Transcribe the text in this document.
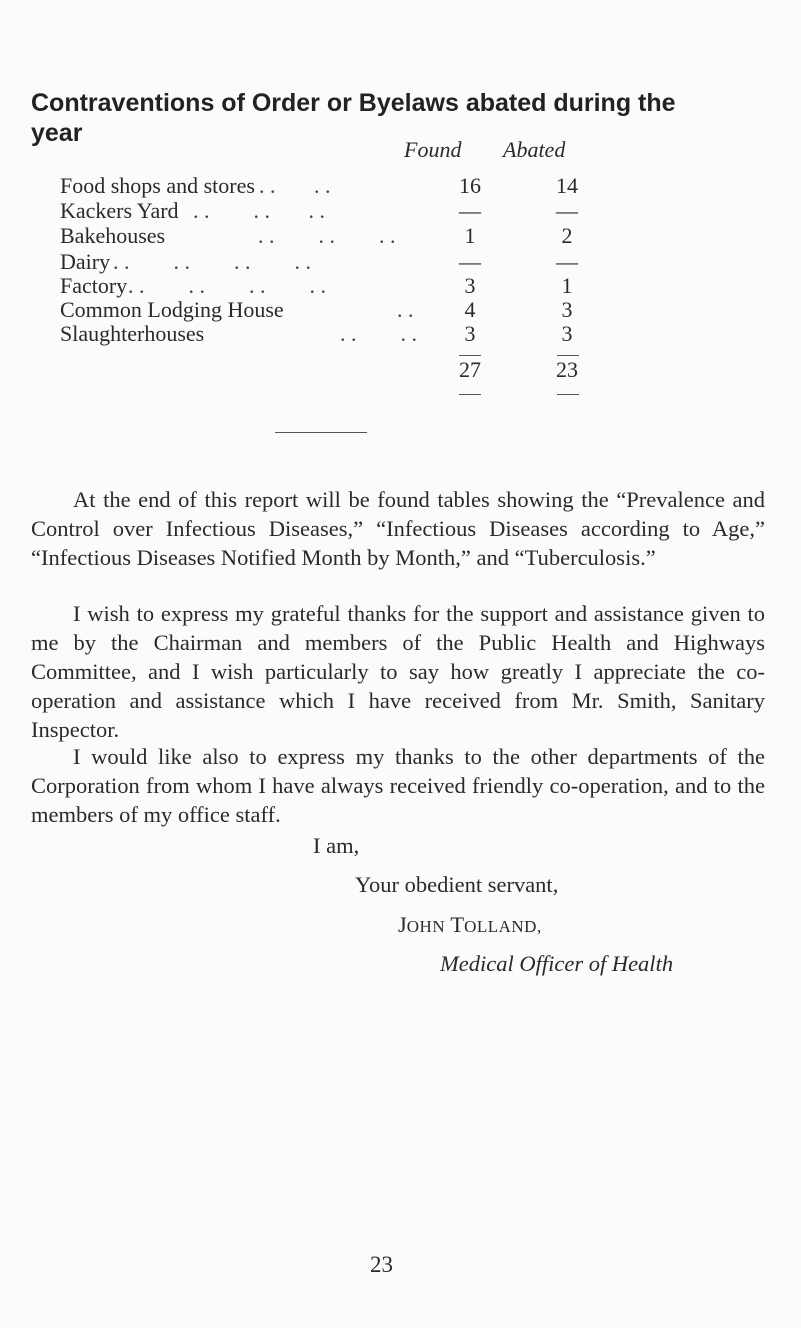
Contraventions of Order or Byelaws abated during the year
Found Abated
Food shops and stores . .       . .	16	14
Kackers Yard . .        . .       . .	—	—
Bakehouses	. .        . .        . .	1	2
Dairy . .        . .        . .        . .	—	—
Factory . .        . .        . .        . .	3	1
Common Lodging House	. .	4	3
Slaughterhouses	. .        . .	3	3
27	23

At the end of this report will be found tables showing the “Prevalence and Control over Infectious Diseases,” “Infectious Diseases according to Age,” “Infectious Diseases Notified Month by Month,” and “Tuberculosis.”

I wish to express my grateful thanks for the support and assistance given to me by the Chairman and members of the Public Health and Highways Committee, and I wish particularly to say how greatly I appreciate the co-operation and assistance which I have received from Mr. Smith, Sanitary Inspector.

I would like also to express my thanks to the other departments of the Corporation from whom I have always received friendly co-operation, and to the members of my office staff.

I am,
Your obedient servant,
JOHN TOLLAND,
Medical Officer of Health
23
